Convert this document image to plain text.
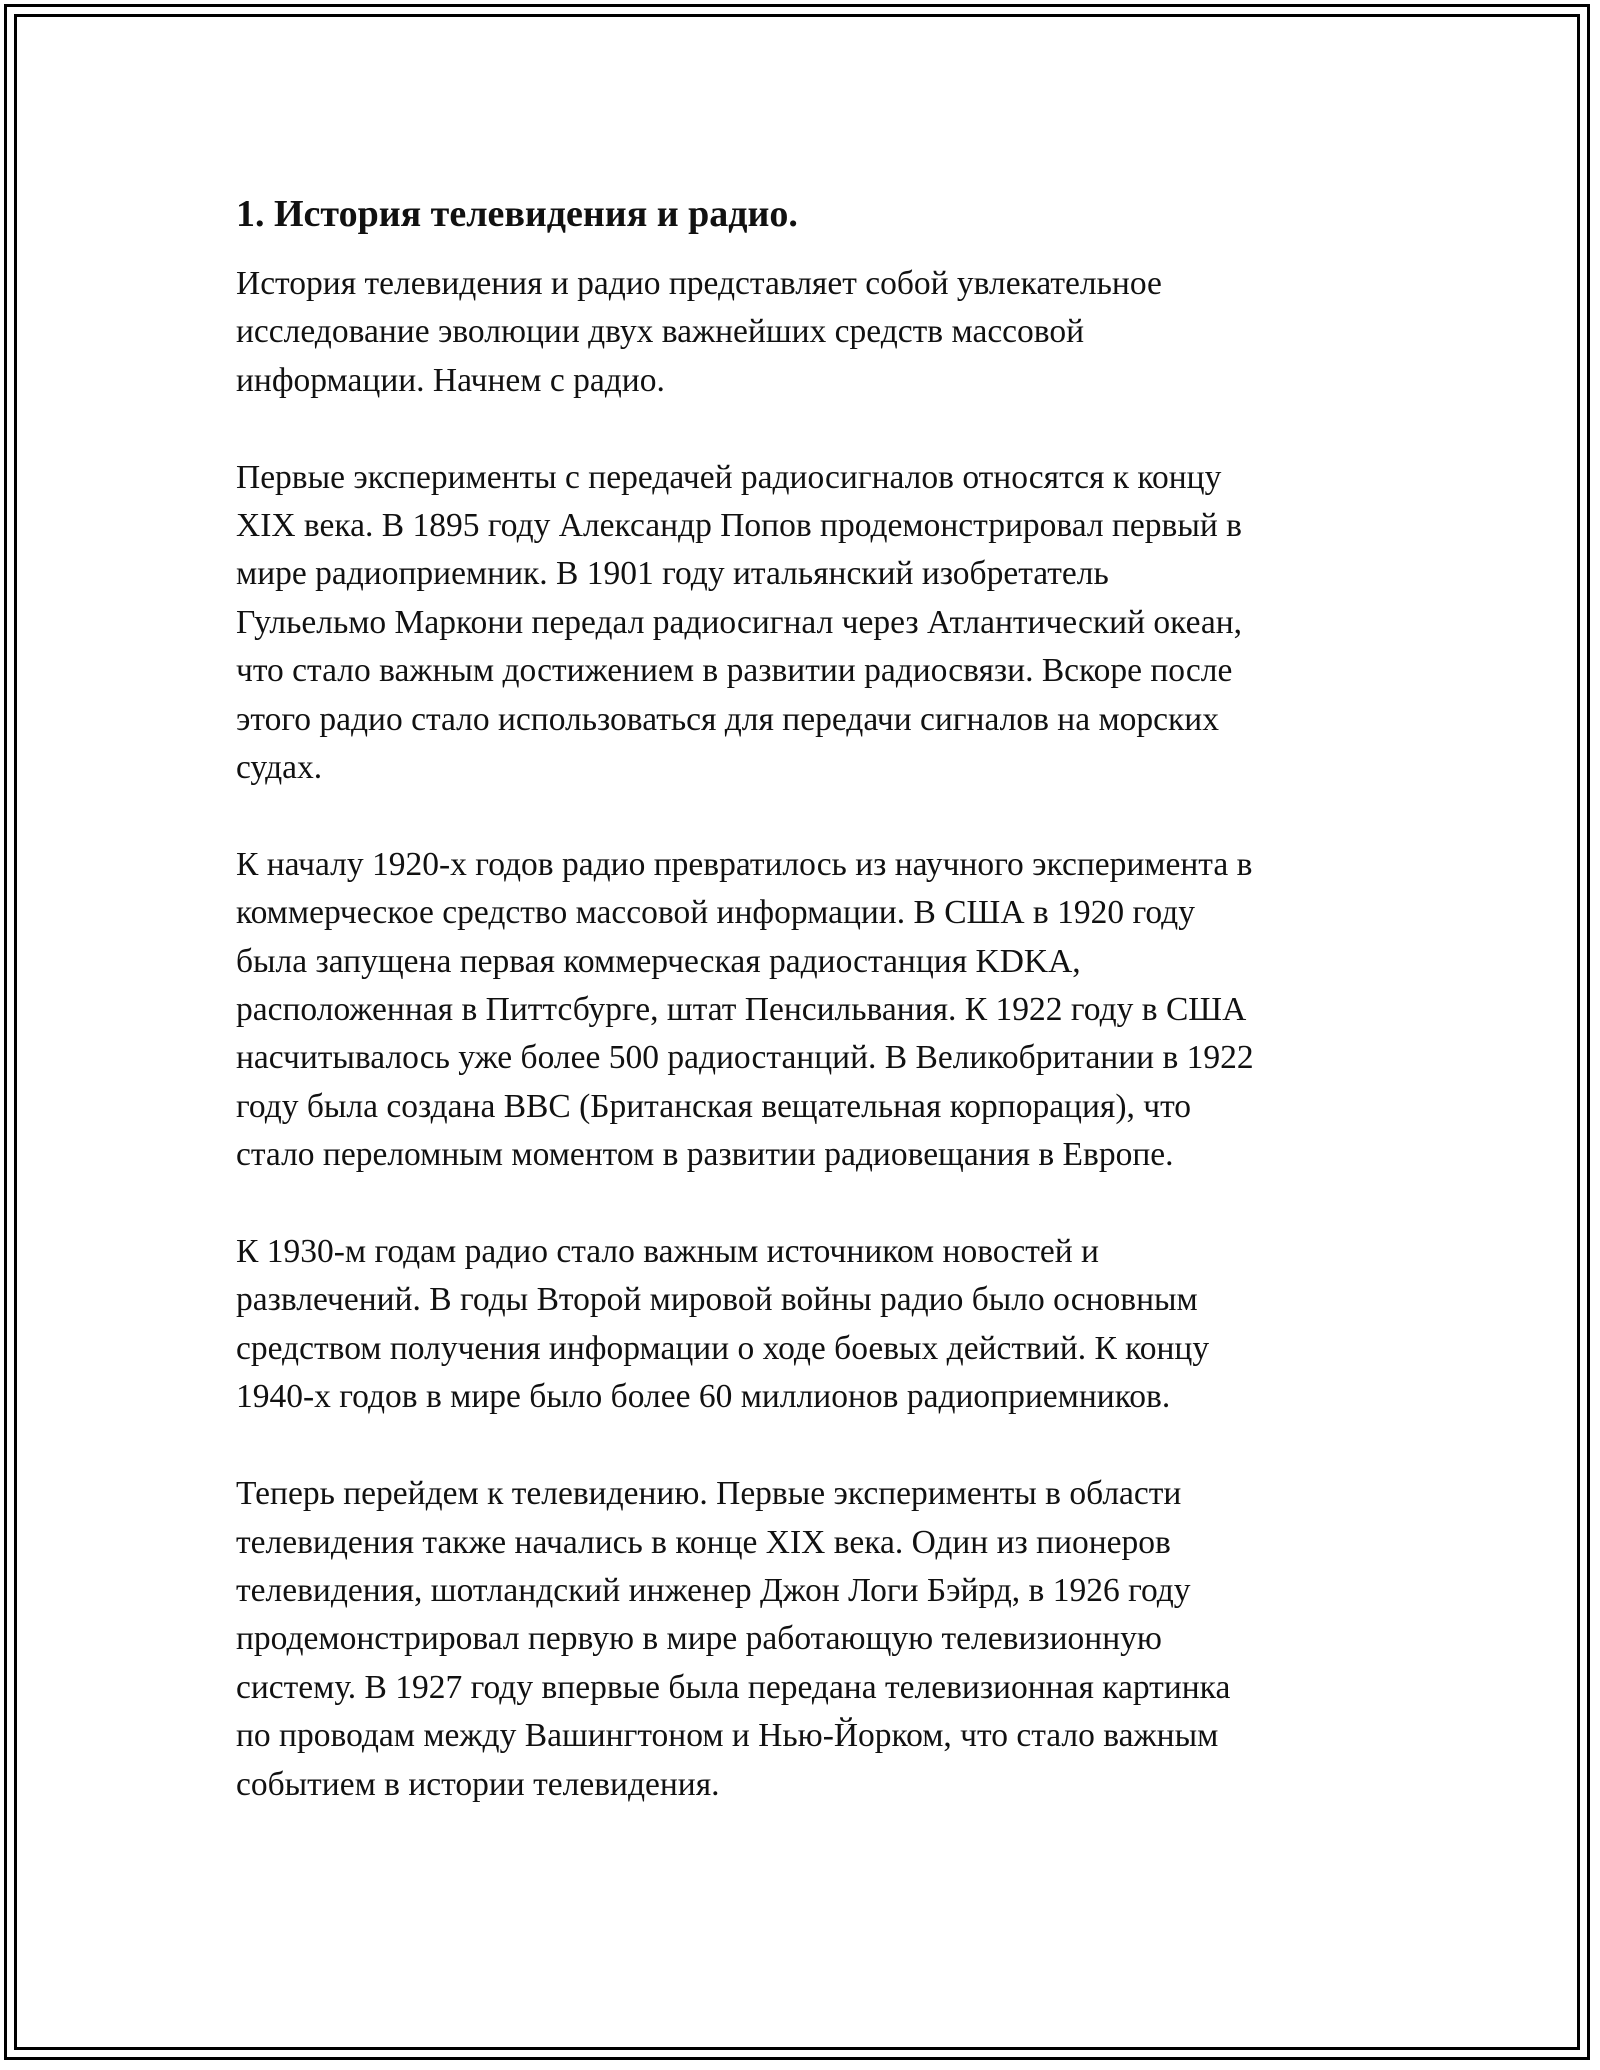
1. История телевидения и радио.

История телевидения и радио представляет собой увлекательное
исследование эволюции двух важнейших средств массовой
информации. Начнем с радио.

Первые эксперименты с передачей радиосигналов относятся к концу
XIX века. В 1895 году Александр Попов продемонстрировал первый в
мире радиоприемник. В 1901 году итальянский изобретатель
Гульельмо Маркони передал радиосигнал через Атлантический океан,
что стало важным достижением в развитии радиосвязи. Вскоре после
этого радио стало использоваться для передачи сигналов на морских
судах.

К началу 1920-х годов радио превратилось из научного эксперимента в
коммерческое средство массовой информации. В США в 1920 году
была запущена первая коммерческая радиостанция KDKA,
расположенная в Питтсбурге, штат Пенсильвания. К 1922 году в США
насчитывалось уже более 500 радиостанций. В Великобритании в 1922
году была создана BBC (Британская вещательная корпорация), что
стало переломным моментом в развитии радиовещания в Европе.

К 1930-м годам радио стало важным источником новостей и
развлечений. В годы Второй мировой войны радио было основным
средством получения информации о ходе боевых действий. К концу
1940-х годов в мире было более 60 миллионов радиоприемников.

Теперь перейдем к телевидению. Первые эксперименты в области
телевидения также начались в конце XIX века. Один из пионеров
телевидения, шотландский инженер Джон Логи Бэйрд, в 1926 году
продемонстрировал первую в мире работающую телевизионную
систему. В 1927 году впервые была передана телевизионная картинка
по проводам между Вашингтоном и Нью-Йорком, что стало важным
событием в истории телевидения.
